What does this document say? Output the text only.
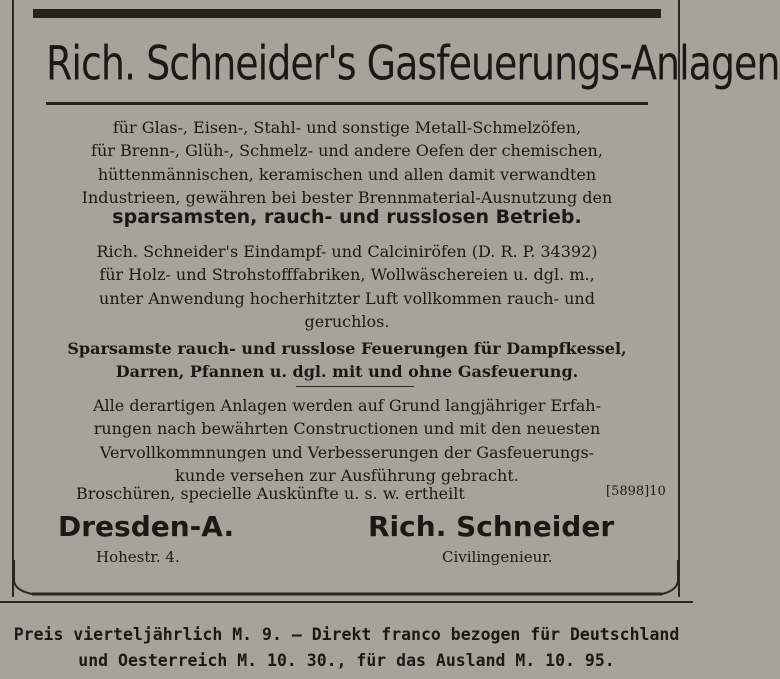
Rich. Schneider's Gasfeuerungs-Anlagen
für Glas-, Eisen-, Stahl- und sonstige Metall-Schmelzöfen,
für Brenn-, Glüh-, Schmelz- und andere Oefen der chemischen,
hüttenmännischen, keramischen und allen damit verwandten
Industrieen, gewähren bei bester Brennmaterial-Ausnutzung den
sparsamsten, rauch- und russlosen Betrieb.
Rich. Schneider's Eindampf- und Calciniröfen (D. R. P. 34392)
für Holz- und Strohstofffabriken, Wollwäschereien u. dgl. m.,
unter Anwendung hocherhitzter Luft vollkommen rauch- und
geruchlos.
Sparsamste rauch- und russlose Feuerungen für Dampfkessel,
Darren, Pfannen u. dgl. mit und ohne Gasfeuerung.
Alle derartigen Anlagen werden auf Grund langjähriger Erfah-
rungen nach bewährten Constructionen und mit den neuesten
Vervollkommnungen und Verbesserungen der Gasfeuerungs-
kunde versehen zur Ausführung gebracht.
Broschüren, specielle Auskünfte u. s. w. ertheilt	[5898]10
Dresden-A.
Hohestr. 4.
Rich. Schneider
Civilingenieur.
Preis vierteljährlich M. 9. — Direkt franco bezogen für Deutschland
und Oesterreich M. 10. 30., für das Ausland M. 10. 95.
